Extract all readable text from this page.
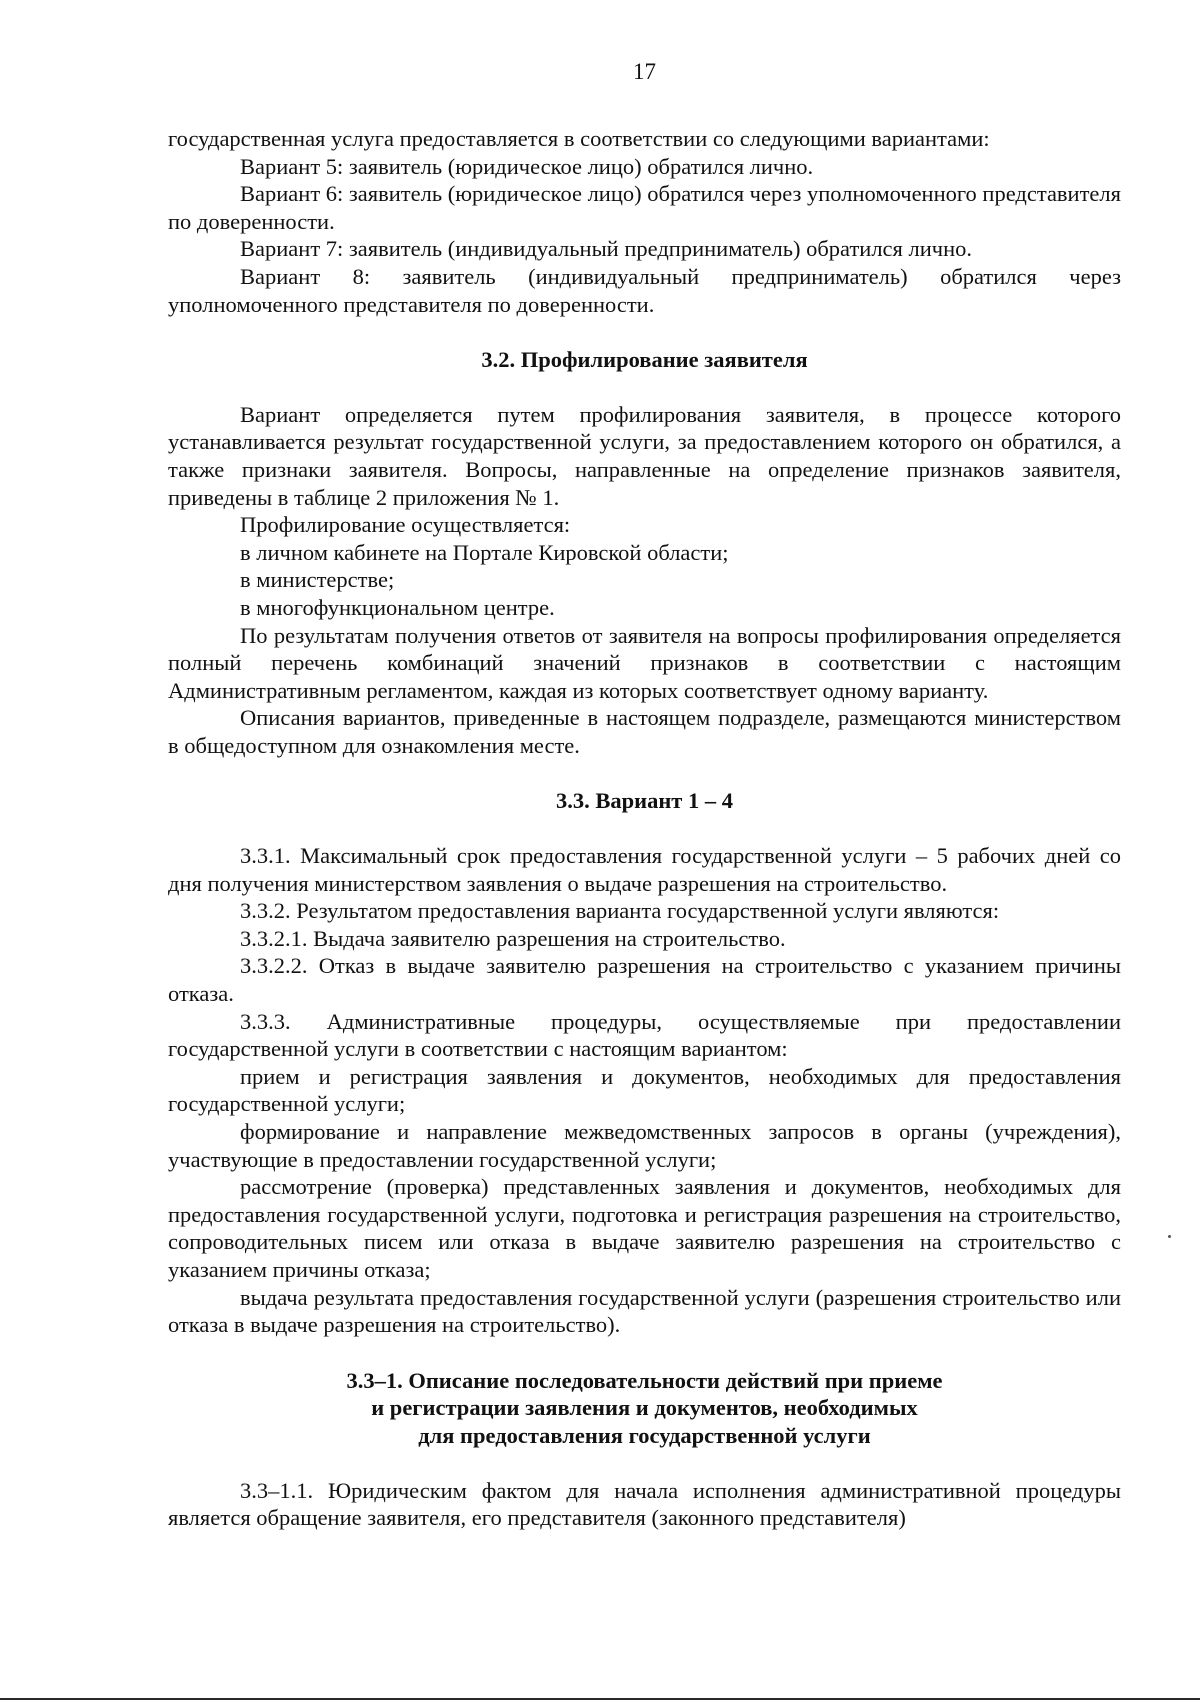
17

государственная услуга предоставляется в соответствии со следующими вариантами:

Вариант 5: заявитель (юридическое лицо) обратился лично.

Вариант 6: заявитель (юридическое лицо) обратился через уполномоченного представителя по доверенности.

Вариант 7: заявитель (индивидуальный предприниматель) обратился лично.

Вариант 8: заявитель (индивидуальный предприниматель) обратился через уполномоченного представителя по доверенности.

3.2. Профилирование заявителя

Вариант определяется путем профилирования заявителя, в процессе которого устанавливается результат государственной услуги, за предоставлением которого он обратился, а также признаки заявителя. Вопросы, направленные на определение признаков заявителя, приведены в таблице 2 приложения № 1.

Профилирование осуществляется:

в личном кабинете на Портале Кировской области;

в министерстве;

в многофункциональном центре.

По результатам получения ответов от заявителя на вопросы профилирования определяется полный перечень комбинаций значений признаков в соответствии с настоящим Административным регламентом, каждая из которых соответствует одному варианту.

Описания вариантов, приведенные в настоящем подразделе, размещаются министерством в общедоступном для ознакомления месте.

3.3. Вариант 1 – 4

3.3.1. Максимальный срок предоставления государственной услуги – 5 рабочих дней со дня получения министерством заявления о выдаче разрешения на строительство.

3.3.2. Результатом предоставления варианта государственной услуги являются:

3.3.2.1. Выдача заявителю разрешения на строительство.

3.3.2.2. Отказ в выдаче заявителю разрешения на строительство с указанием причины отказа.

3.3.3. Административные процедуры, осуществляемые при предоставлении государственной услуги в соответствии с настоящим вариантом:

прием и регистрация заявления и документов, необходимых для предоставления государственной услуги;

формирование и направление межведомственных запросов в органы (учреждения), участвующие в предоставлении государственной услуги;

рассмотрение (проверка) представленных заявления и документов, необходимых для предоставления государственной услуги, подготовка и регистрация разрешения на строительство, сопроводительных писем или отказа в выдаче заявителю разрешения на строительство с указанием причины отказа;

выдача результата предоставления государственной услуги (разрешения строительство или отказа в выдаче разрешения на строительство).

3.3–1. Описание последовательности действий при приеме

и регистрации заявления и документов, необходимых

для предоставления государственной услуги

3.3–1.1. Юридическим фактом для начала исполнения административной процедуры является обращение заявителя, его представителя (законного представителя)
